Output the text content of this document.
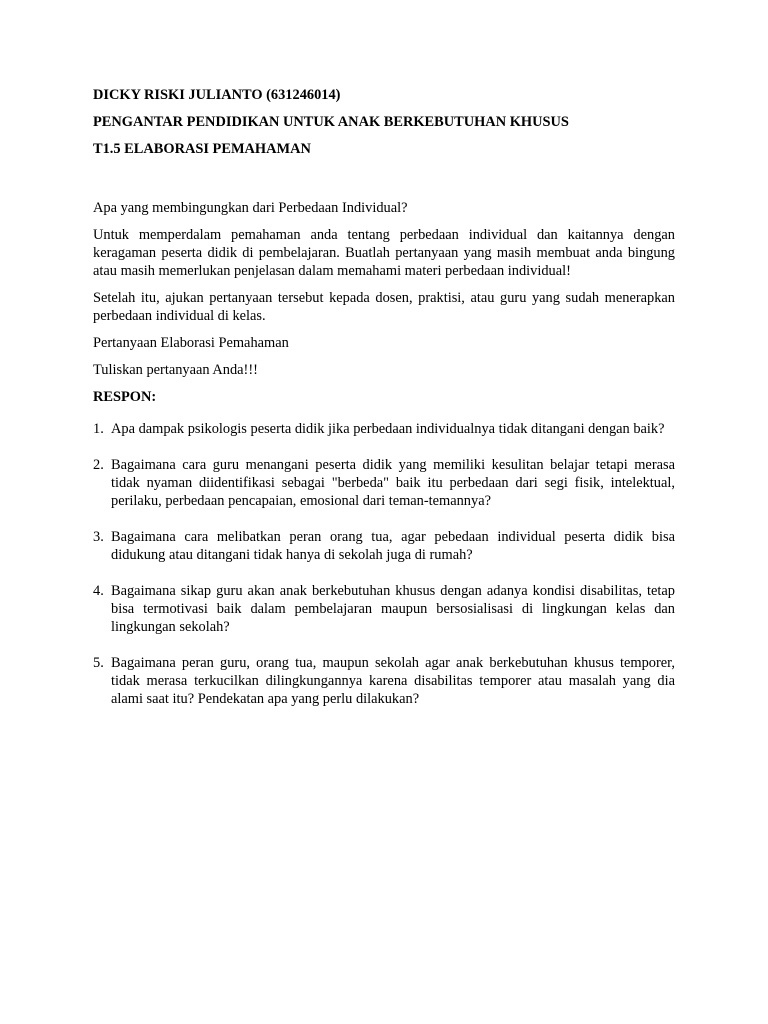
DICKY RISKI JULIANTO (631246014)

PENGANTAR PENDIDIKAN UNTUK ANAK BERKEBUTUHAN KHUSUS

T1.5 ELABORASI PEMAHAMAN

Apa yang membingungkan dari Perbedaan Individual?

Untuk memperdalam pemahaman anda tentang perbedaan individual dan kaitannya dengan keragaman peserta didik di pembelajaran. Buatlah pertanyaan yang masih membuat anda bingung atau masih memerlukan penjelasan dalam memahami materi perbedaan individual!

Setelah itu, ajukan pertanyaan tersebut kepada dosen, praktisi, atau guru yang sudah menerapkan perbedaan individual di kelas.

Pertanyaan Elaborasi Pemahaman

Tuliskan pertanyaan Anda!!!

RESPON:

1. Apa dampak psikologis peserta didik jika perbedaan individualnya tidak ditangani dengan baik?
2. Bagaimana cara guru menangani peserta didik yang memiliki kesulitan belajar tetapi merasa tidak nyaman diidentifikasi sebagai "berbeda" baik itu perbedaan dari segi fisik, intelektual, perilaku, perbedaan pencapaian, emosional dari teman-temannya?
3. Bagaimana cara melibatkan peran orang tua, agar pebedaan individual peserta didik bisa didukung atau ditangani tidak hanya di sekolah juga di rumah?
4. Bagaimana sikap guru akan anak berkebutuhan khusus dengan adanya kondisi disabilitas, tetap bisa termotivasi baik dalam pembelajaran maupun bersosialisasi di lingkungan kelas dan lingkungan sekolah?
5. Bagaimana peran guru, orang tua, maupun sekolah agar anak berkebutuhan khusus temporer, tidak merasa terkucilkan dilingkungannya karena disabilitas temporer atau masalah yang dia alami saat itu? Pendekatan apa yang perlu dilakukan?
